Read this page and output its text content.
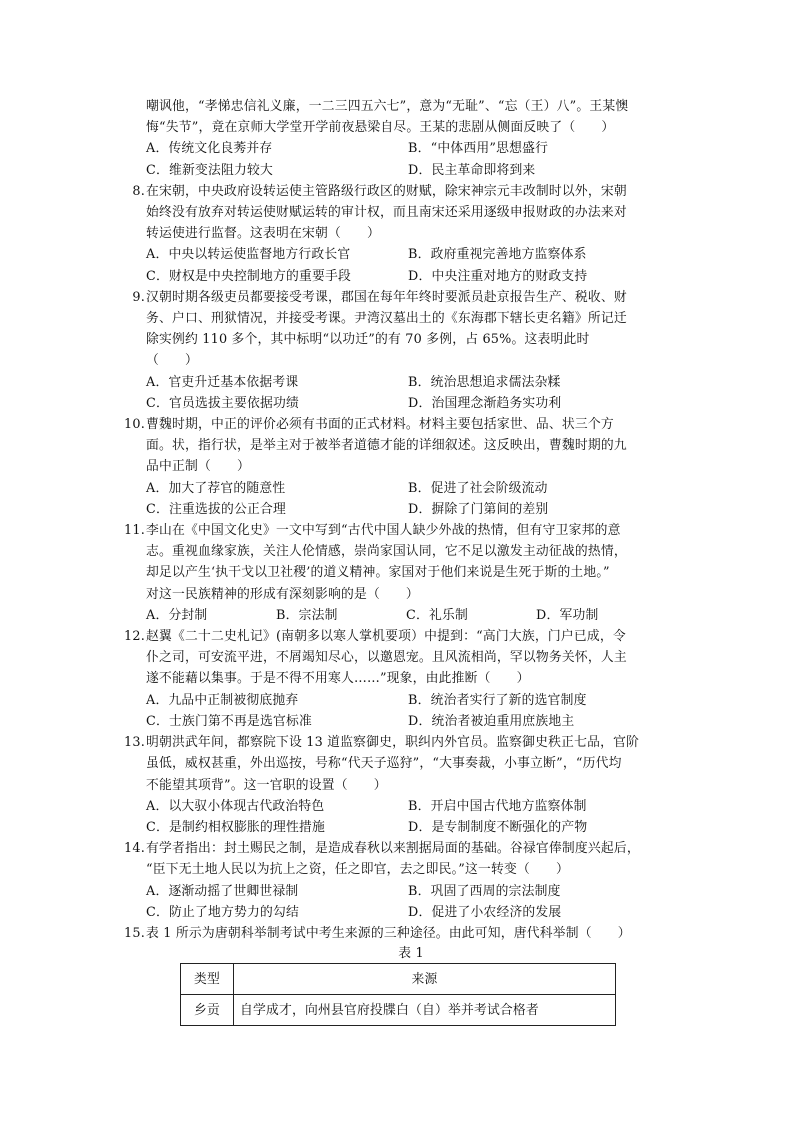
嘲讽他，“孝悌忠信礼义廉，一二三四五六七”，意为“无耻”、“忘（王）八”。王某懊

悔“失节”，竟在京师大学堂开学前夜悬梁自尽。王某的悲剧从侧面反映了（　　）

A．传统文化良莠并存	B．“中体西用”思想盛行
C．维新变法阻力较大	D．民主革命即将到来
8. 在宋朝，中央政府设转运使主管路级行政区的财赋，除宋神宗元丰改制时以外，宋朝

始终没有放弃对转运使财赋运转的审计权，而且南宋还采用逐级申报财政的办法来对

转运使进行监督。这表明在宋朝（　　）

A．中央以转运使监督地方行政长官	B．政府重视完善地方监察体系
C．财权是中央控制地方的重要手段	D．中央注重对地方的财政支持
9. 汉朝时期各级吏员都要接受考课，郡国在每年年终时要派员赴京报告生产、税收、财

务、户口、刑狱情况，并接受考课。尹湾汉墓出土的《东海郡下辖长吏名籍》所记迁

除实例约 110 多个，其中标明“以功迁”的有 70 多例，占 65%。这表明此时

（　　）

A．官吏升迁基本依据考课	B．统治思想追求儒法杂糅
C．官员选拔主要依据功绩	D．治国理念渐趋务实功利
10. 曹魏时期，中正的评价必须有书面的正式材料。材料主要包括家世、品、状三个方

面。状，指行状，是举主对于被举者道德才能的详细叙述。这反映出，曹魏时期的九

品中正制（　　）

A．加大了荐官的随意性	B．促进了社会阶级流动
C．注重选拔的公正合理	D．摒除了门第间的差别
11. 李山在《中国文化史》一文中写到“古代中国人缺少外战的热情，但有守卫家邦的意

志。重视血缘家族，关注人伦情感，崇尚家国认同，它不足以激发主动征战的热情，

却足以产生‘执干戈以卫社稷’的道义精神。家国对于他们来说是生死于斯的土地。”

对这一民族精神的形成有深刻影响的是（　　）

A．分封制	B．宗法制	C．礼乐制	D．军功制
12. 赵翼《二十二史札记》(南朝多以寒人掌机要项）中提到：“高门大族，门户已成，令

仆之司，可安流平进，不屑竭知尽心，以邀恩宠。且风流相尚，罕以物务关怀，人主

遂不能藉以集事。于是不得不用寒人……”现象，由此推断（　　）

A．九品中正制被彻底抛弃	B．统治者实行了新的选官制度
C．士族门第不再是选官标准	D．统治者被迫重用庶族地主
13. 明朝洪武年间，都察院下设 13 道监察御史，职纠内外官员。监察御史秩正七品，官阶

虽低，威权甚重，外出巡按，号称“代天子巡狩”，“大事奏裁，小事立断”，“历代均

不能望其项背”。这一官职的设置（　　）

A．以大驭小体现古代政治特色	B．开启中国古代地方监察体制
C．是制约相权膨胀的理性措施	D．是专制制度不断强化的产物
14. 有学者指出：封土赐民之制，是造成春秋以来割据局面的基础。谷禄官俸制度兴起后，

“臣下无土地人民以为抗上之资，任之即官，去之即民。”这一转变（　　）

A．逐渐动摇了世卿世禄制	B．巩固了西周的宗法制度
C．防止了地方势力的勾结	D．促进了小农经济的发展
15. 表 1 所示为唐朝科举制考试中考生来源的三种途径。由此可知，唐代科举制（　　）

表 1

类型	来源
乡贡	自学成才，向州县官府投牒白（自）举并考试合格者
